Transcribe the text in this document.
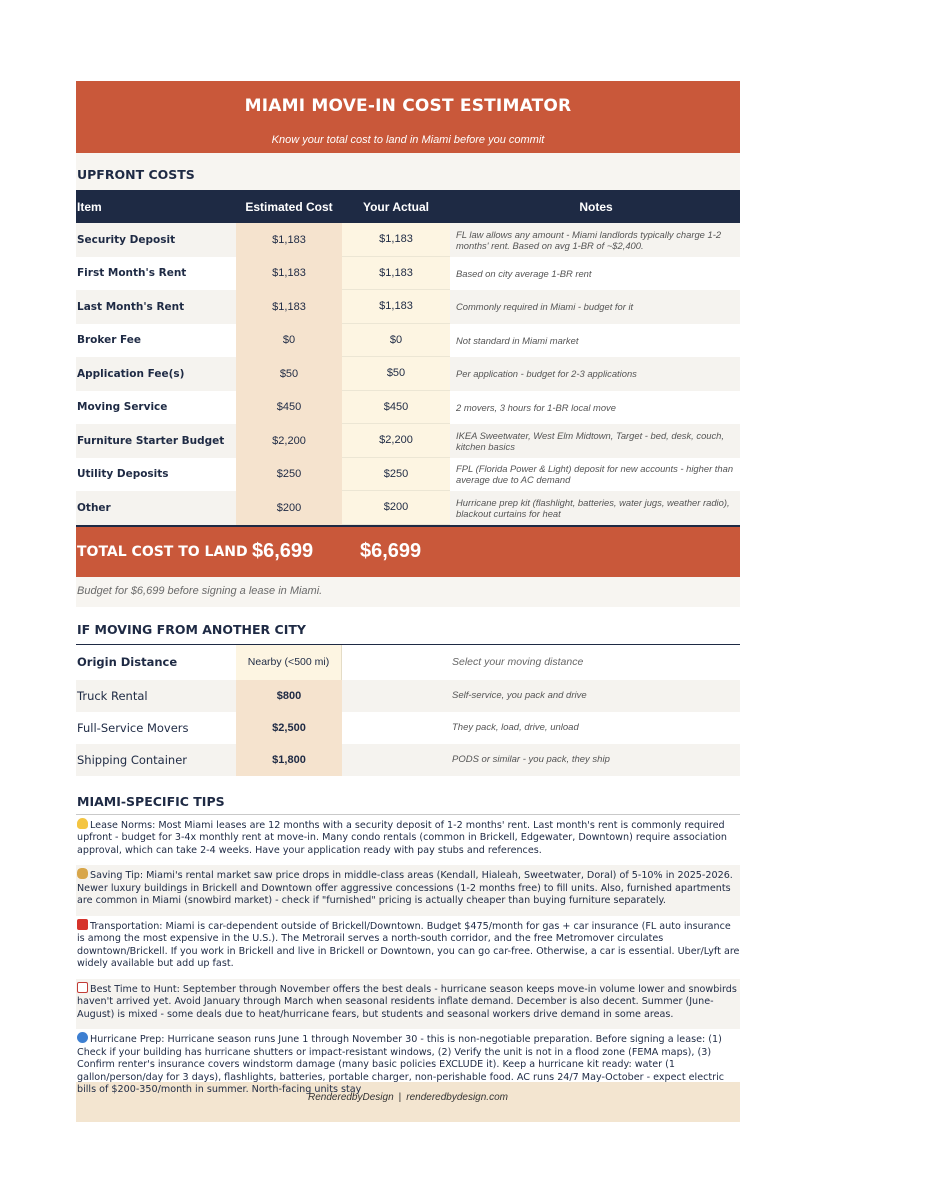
MIAMI MOVE-IN COST ESTIMATOR
Know your total cost to land in Miami before you commit
UPFRONT COSTS
Item	Estimated Cost	Your Actual	Notes
Security Deposit	$1,183	$1,183	FL law allows any amount - Miami landlords typically charge 1-2 months' rent. Based on avg 1-BR of ~$2,400.
First Month's Rent	$1,183	$1,183	Based on city average 1-BR rent
Last Month's Rent	$1,183	$1,183	Commonly required in Miami - budget for it
Broker Fee	$0	$0	Not standard in Miami market
Application Fee(s)	$50	$50	Per application - budget for 2-3 applications
Moving Service	$450	$450	2 movers, 3 hours for 1-BR local move
Furniture Starter Budget	$2,200	$2,200	IKEA Sweetwater, West Elm Midtown, Target - bed, desk, couch, kitchen basics
Utility Deposits	$250	$250	FPL (Florida Power & Light) deposit for new accounts - higher than average due to AC demand
Other	$200	$200	Hurricane prep kit (flashlight, batteries, water jugs, weather radio), blackout curtains for heat
TOTAL COST TO LAND $6,699	$6,699
Budget for $6,699 before signing a lease in Miami.
IF MOVING FROM ANOTHER CITY
Origin Distance	Nearby (<500 mi)	Select your moving distance
Truck Rental	$800	Self-service, you pack and drive
Full-Service Movers	$2,500	They pack, load, drive, unload
Shipping Container	$1,800	PODS or similar - you pack, they ship
MIAMI-SPECIFIC TIPS
Lease Norms: Most Miami leases are 12 months with a security deposit of 1-2 months' rent. Last month's rent is commonly required upfront - budget for 3-4x monthly rent at move-in. Many condo rentals (common in Brickell, Edgewater, Downtown) require association approval, which can take 2-4 weeks. Have your application ready with pay stubs and references.
Saving Tip: Miami's rental market saw price drops in middle-class areas (Kendall, Hialeah, Sweetwater, Doral) of 5-10% in 2025-2026. Newer luxury buildings in Brickell and Downtown offer aggressive concessions (1-2 months free) to fill units. Also, furnished apartments are common in Miami (snowbird market) - check if "furnished" pricing is actually cheaper than buying furniture separately.
Transportation: Miami is car-dependent outside of Brickell/Downtown. Budget $475/month for gas + car insurance (FL auto insurance is among the most expensive in the U.S.). The Metrorail serves a north-south corridor, and the free Metromover circulates downtown/Brickell. If you work in Brickell and live in Brickell or Downtown, you can go car-free. Otherwise, a car is essential. Uber/Lyft are widely available but add up fast.
Best Time to Hunt: September through November offers the best deals - hurricane season keeps move-in volume lower and snowbirds haven't arrived yet. Avoid January through March when seasonal residents inflate demand. December is also decent. Summer (June-August) is mixed - some deals due to heat/hurricane fears, but students and seasonal workers drive demand in some areas.
Hurricane Prep: Hurricane season runs June 1 through November 30 - this is non-negotiable preparation. Before signing a lease: (1) Check if your building has hurricane shutters or impact-resistant windows, (2) Verify the unit is not in a flood zone (FEMA maps), (3) Confirm renter's insurance covers windstorm damage (many basic policies EXCLUDE it). Keep a hurricane kit ready: water (1 gallon/person/day for 3 days), flashlights, batteries, portable charger, non-perishable food. AC runs 24/7 May-October - expect electric bills of $200-350/month in summer. North-facing units stay
RenderedbyDesign | renderedbydesign.com
